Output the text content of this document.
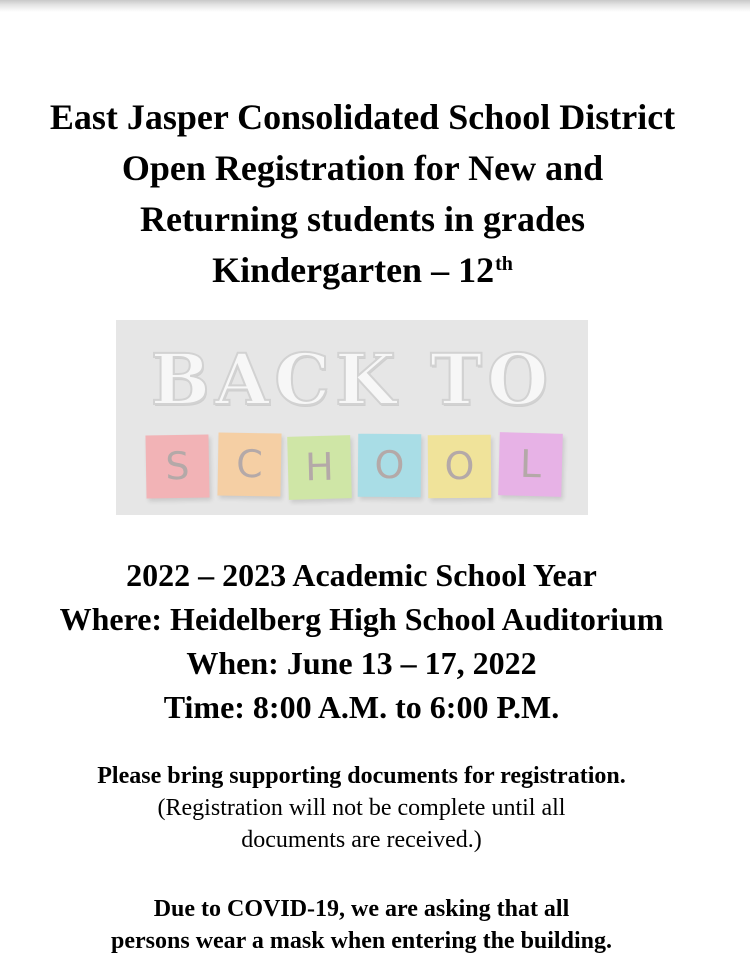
East Jasper Consolidated School District
Open Registration for New and
Returning students in grades
Kindergarten – 12th
BACK TO
S	C	H	O	O	L
2022 – 2023 Academic School Year
Where: Heidelberg High School Auditorium
When: June 13 – 17, 2022
Time: 8:00 A.M. to 6:00 P.M.
Please bring supporting documents for registration.
(Registration will not be complete until all
documents are received.)
Due to COVID-19, we are asking that all
persons wear a mask when entering the building.
